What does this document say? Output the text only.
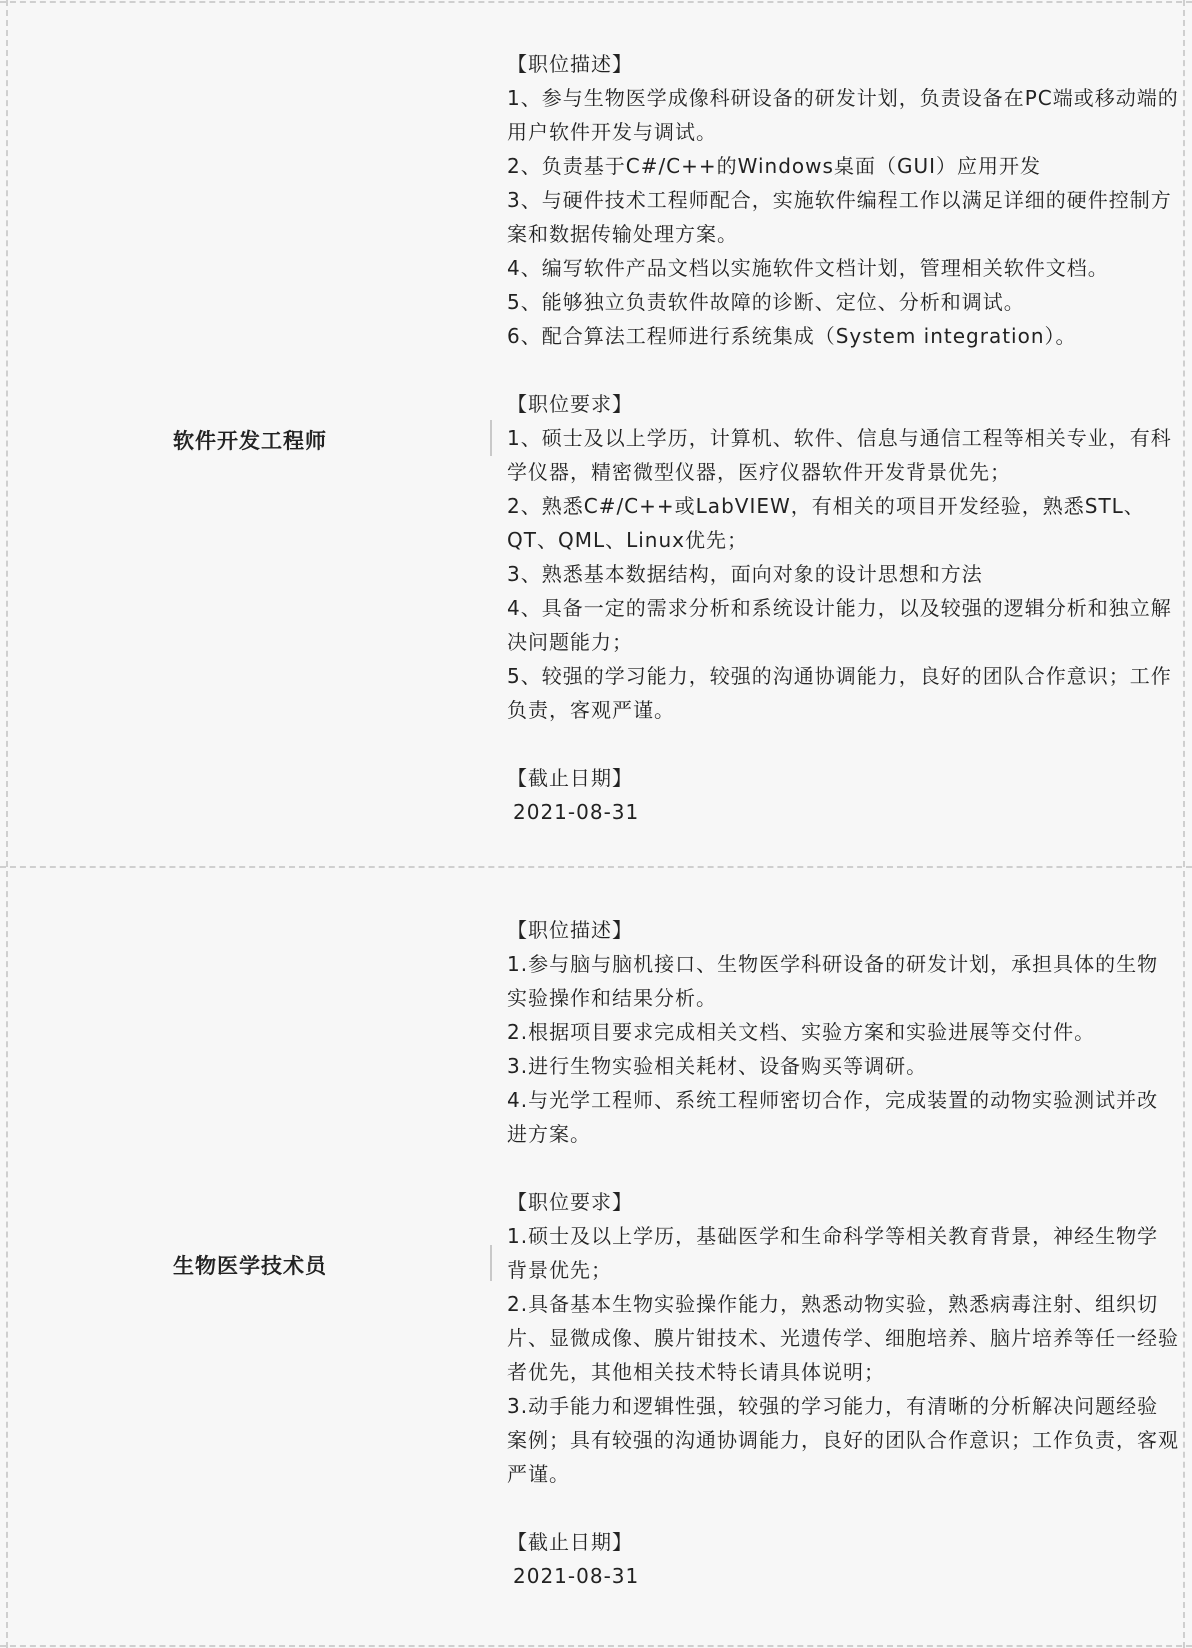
软件开发工程师

【职位描述】

1、参与生物医学成像科研设备的研发计划，负责设备在PC端或移动端的用户软件开发与调试。

2、负责基于C#/C++的Windows桌面（GUI）应用开发

3、与硬件技术工程师配合，实施软件编程工作以满足详细的硬件控制方案和数据传输处理方案。

4、编写软件产品文档以实施软件文档计划，管理相关软件文档。

5、能够独立负责软件故障的诊断、定位、分析和调试。

6、配合算法工程师进行系统集成（System integration）。

【职位要求】

1、硕士及以上学历，计算机、软件、信息与通信工程等相关专业，有科学仪器，精密微型仪器，医疗仪器软件开发背景优先；

2、熟悉C#/C++或LabVIEW，有相关的项目开发经验，熟悉STL、QT、QML、Linux优先；

3、熟悉基本数据结构，面向对象的设计思想和方法

4、具备一定的需求分析和系统设计能力，以及较强的逻辑分析和独立解决问题能力；

5、较强的学习能力，较强的沟通协调能力，良好的团队合作意识；工作负责，客观严谨。

【截止日期】

2021-08-31

生物医学技术员

【职位描述】

1.参与脑与脑机接口、生物医学科研设备的研发计划，承担具体的生物实验操作和结果分析。

2.根据项目要求完成相关文档、实验方案和实验进展等交付件。

3.进行生物实验相关耗材、设备购买等调研。

4.与光学工程师、系统工程师密切合作，完成装置的动物实验测试并改进方案。

【职位要求】

1.硕士及以上学历，基础医学和生命科学等相关教育背景，神经生物学背景优先；

2.具备基本生物实验操作能力，熟悉动物实验，熟悉病毒注射、组织切片、显微成像、膜片钳技术、光遗传学、细胞培养、脑片培养等任一经验者优先，其他相关技术特长请具体说明；

3.动手能力和逻辑性强，较强的学习能力，有清晰的分析解决问题经验案例；具有较强的沟通协调能力，良好的团队合作意识；工作负责，客观严谨。

【截止日期】

2021-08-31
